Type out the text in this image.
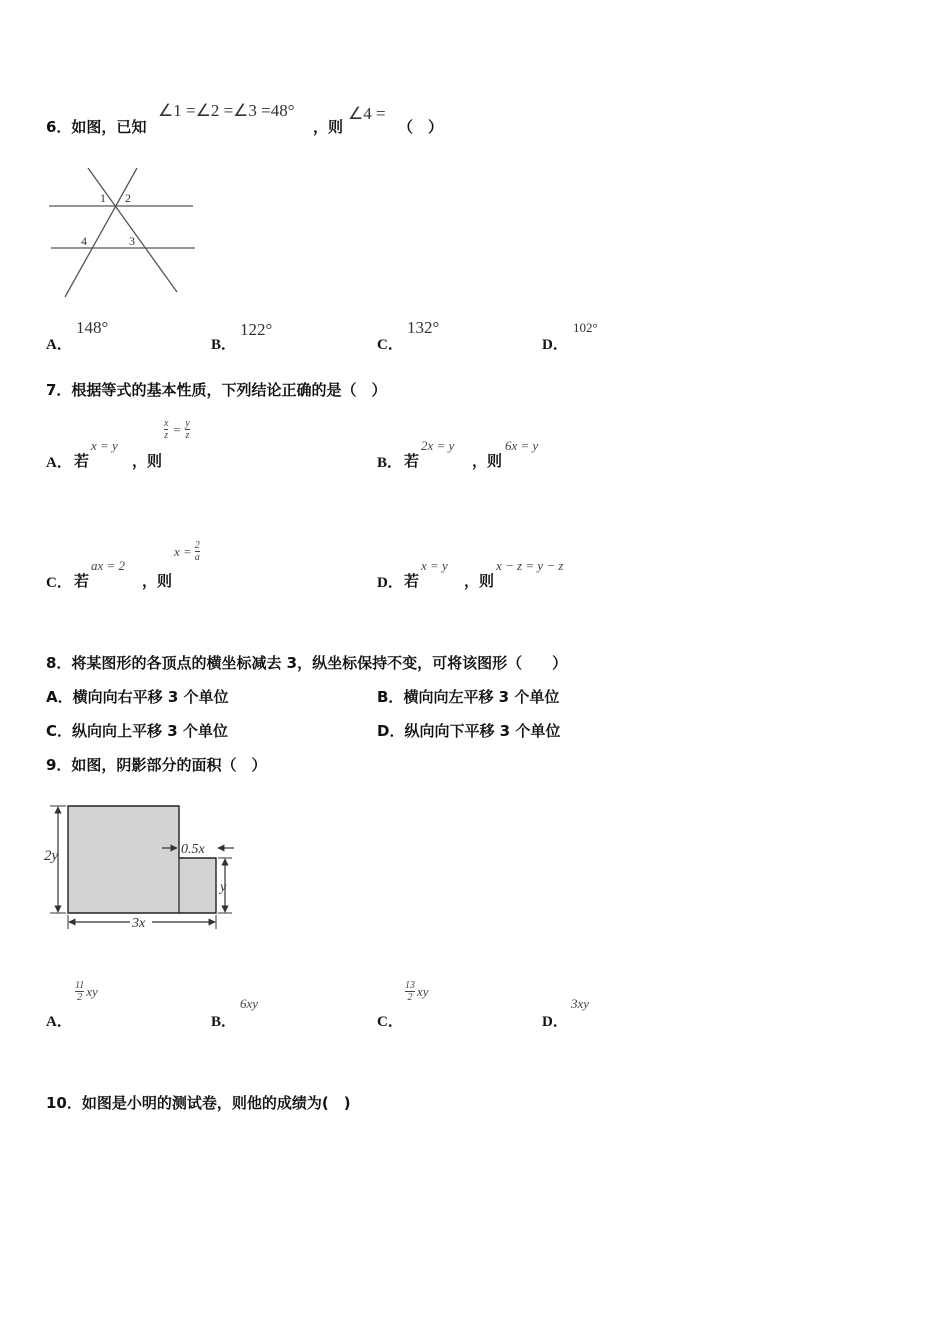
6．如图，已知
∠1 =∠2 =∠3 =48°
，则
∠4 =
（　）
1 2
3
4
A．
148°
B．
122°
C．
132°
D．
102°
7．根据等式的基本性质，下列结论正确的是（　）
A． 若
x = y
，则
$\frac{x}{z} = \frac{y}{z}$
B． 若
2x = y
，则
6x = y
C． 若
ax = 2
，则
$x = \frac{2}{a}$
D． 若
x = y
，则
x − z = y − z
8．将某图形的各顶点的横坐标减去 3，纵坐标保持不变，可将该图形（　　）
A．横向向右平移 3 个单位	B．横向向左平移 3 个单位
C．纵向向上平移 3 个单位	D．纵向向下平移 3 个单位
9．如图，阴影部分的面积（　）
2y	0.5x
y
3x
A．
$\frac{11}{2}$ xy
B．
6xy
C．
$\frac{13}{2}$ xy
D．
3xy
10．如图是小明的测试卷，则他的成绩为(　)
